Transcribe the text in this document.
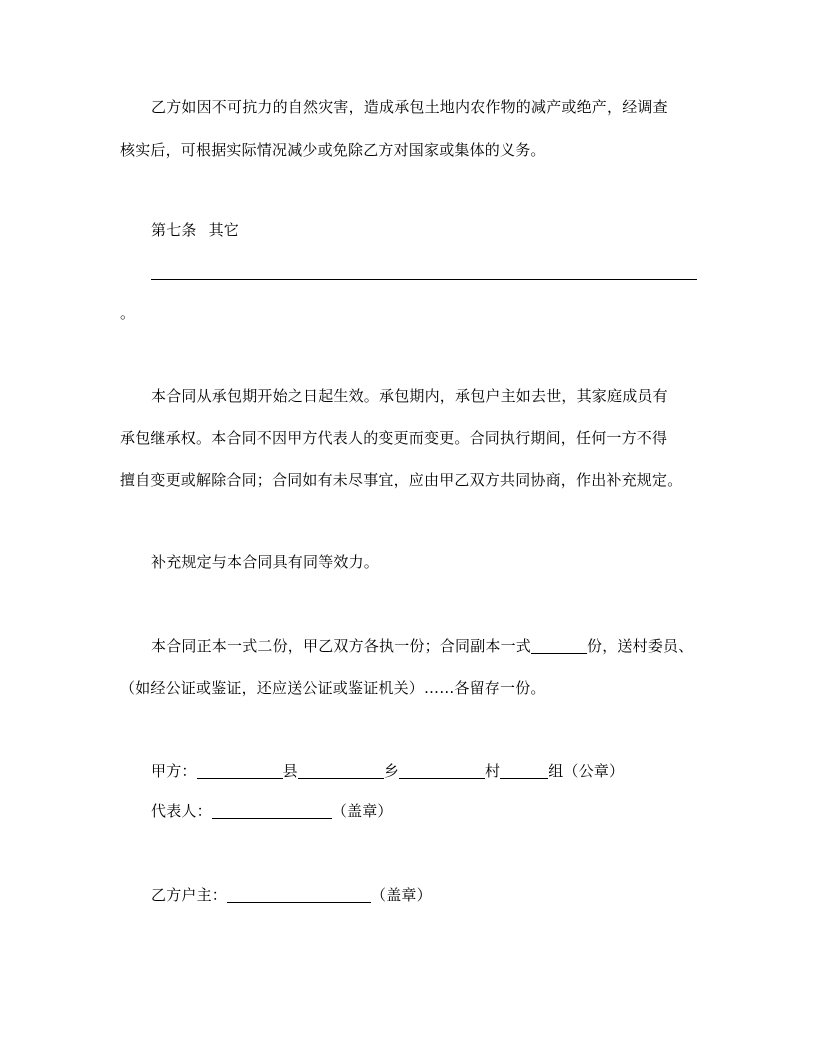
乙方如因不可抗力的自然灾害，造成承包土地内农作物的减产或绝产，经调查
核实后，可根据实际情况减少或免除乙方对国家或集体的义务。
第七条 其它
。
本合同从承包期开始之日起生效。承包期内，承包户主如去世，其家庭成员有
承包继承权。本合同不因甲方代表人的变更而变更。合同执行期间，任何一方不得
擅自变更或解除合同；合同如有未尽事宜，应由甲乙双方共同协商，作出补充规定。
补充规定与本合同具有同等效力。
本合同正本一式二份，甲乙双方各执一份；合同副本一式	份，送村委员、
（如经公证或鉴证，还应送公证或鉴证机关）……各留存一份。
甲方：	县	乡	村	组（公章）
代表人：	（盖章）
乙方户主：	（盖章）
